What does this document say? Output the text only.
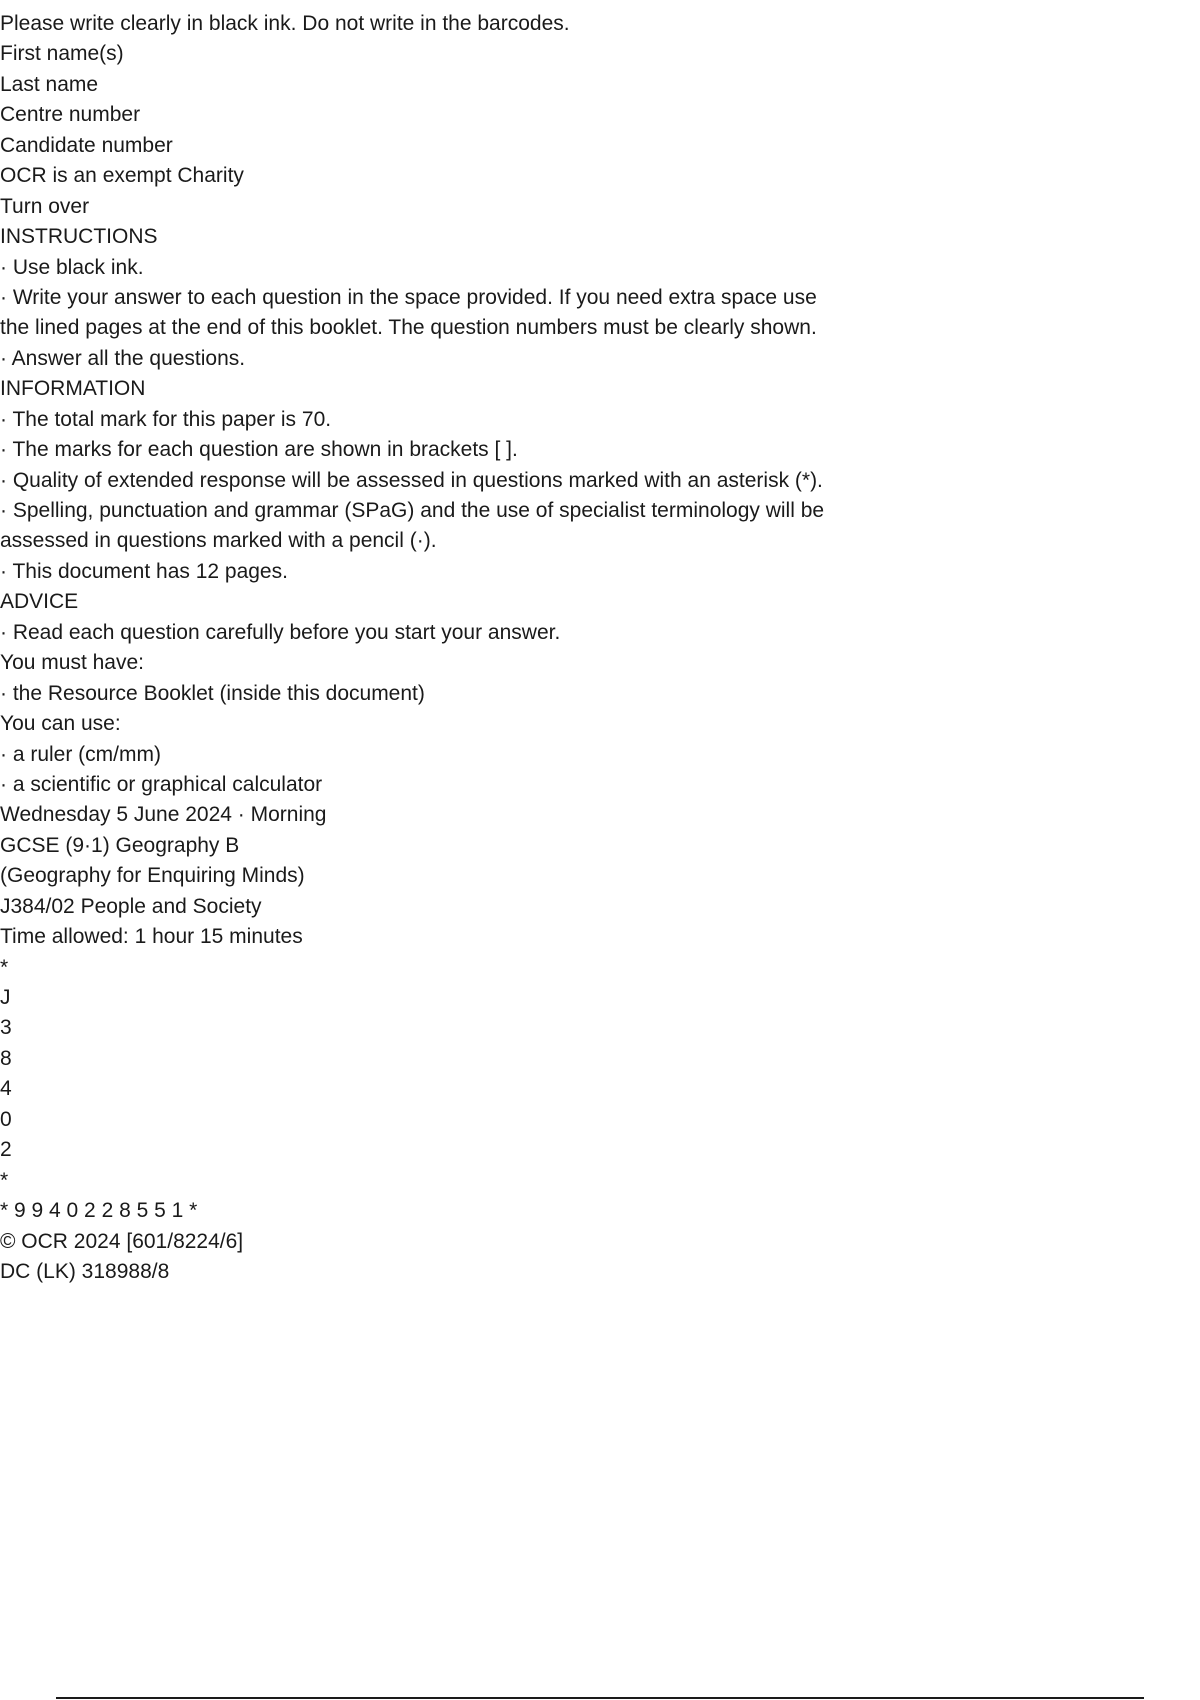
Please write clearly in black ink. Do not write in the barcodes.
First name(s)
Last name
Centre number
Candidate number
OCR is an exempt Charity
Turn over
INSTRUCTIONS
· Use black ink.
· Write your answer to each question in the space provided. If you need extra space use
the lined pages at the end of this booklet. The question numbers must be clearly shown.
· Answer all the questions.
INFORMATION
· The total mark for this paper is 70.
· The marks for each question are shown in brackets [ ].
· Quality of extended response will be assessed in questions marked with an asterisk (*).
· Spelling, punctuation and grammar (SPaG) and the use of specialist terminology will be
assessed in questions marked with a pencil (·).
· This document has 12 pages.
ADVICE
· Read each question carefully before you start your answer.
You must have:
· the Resource Booklet (inside this document)
You can use:
· a ruler (cm/mm)
· a scientific or graphical calculator
Wednesday 5 June 2024 · Morning
GCSE (9·1) Geography B
(Geography for Enquiring Minds)
J384/02 People and Society
Time allowed: 1 hour 15 minutes
*
J
3
8
4
0
2
*
* 9 9 4 0 2 2 8 5 5 1 *
© OCR 2024 [601/8224/6]
DC (LK) 318988/8
